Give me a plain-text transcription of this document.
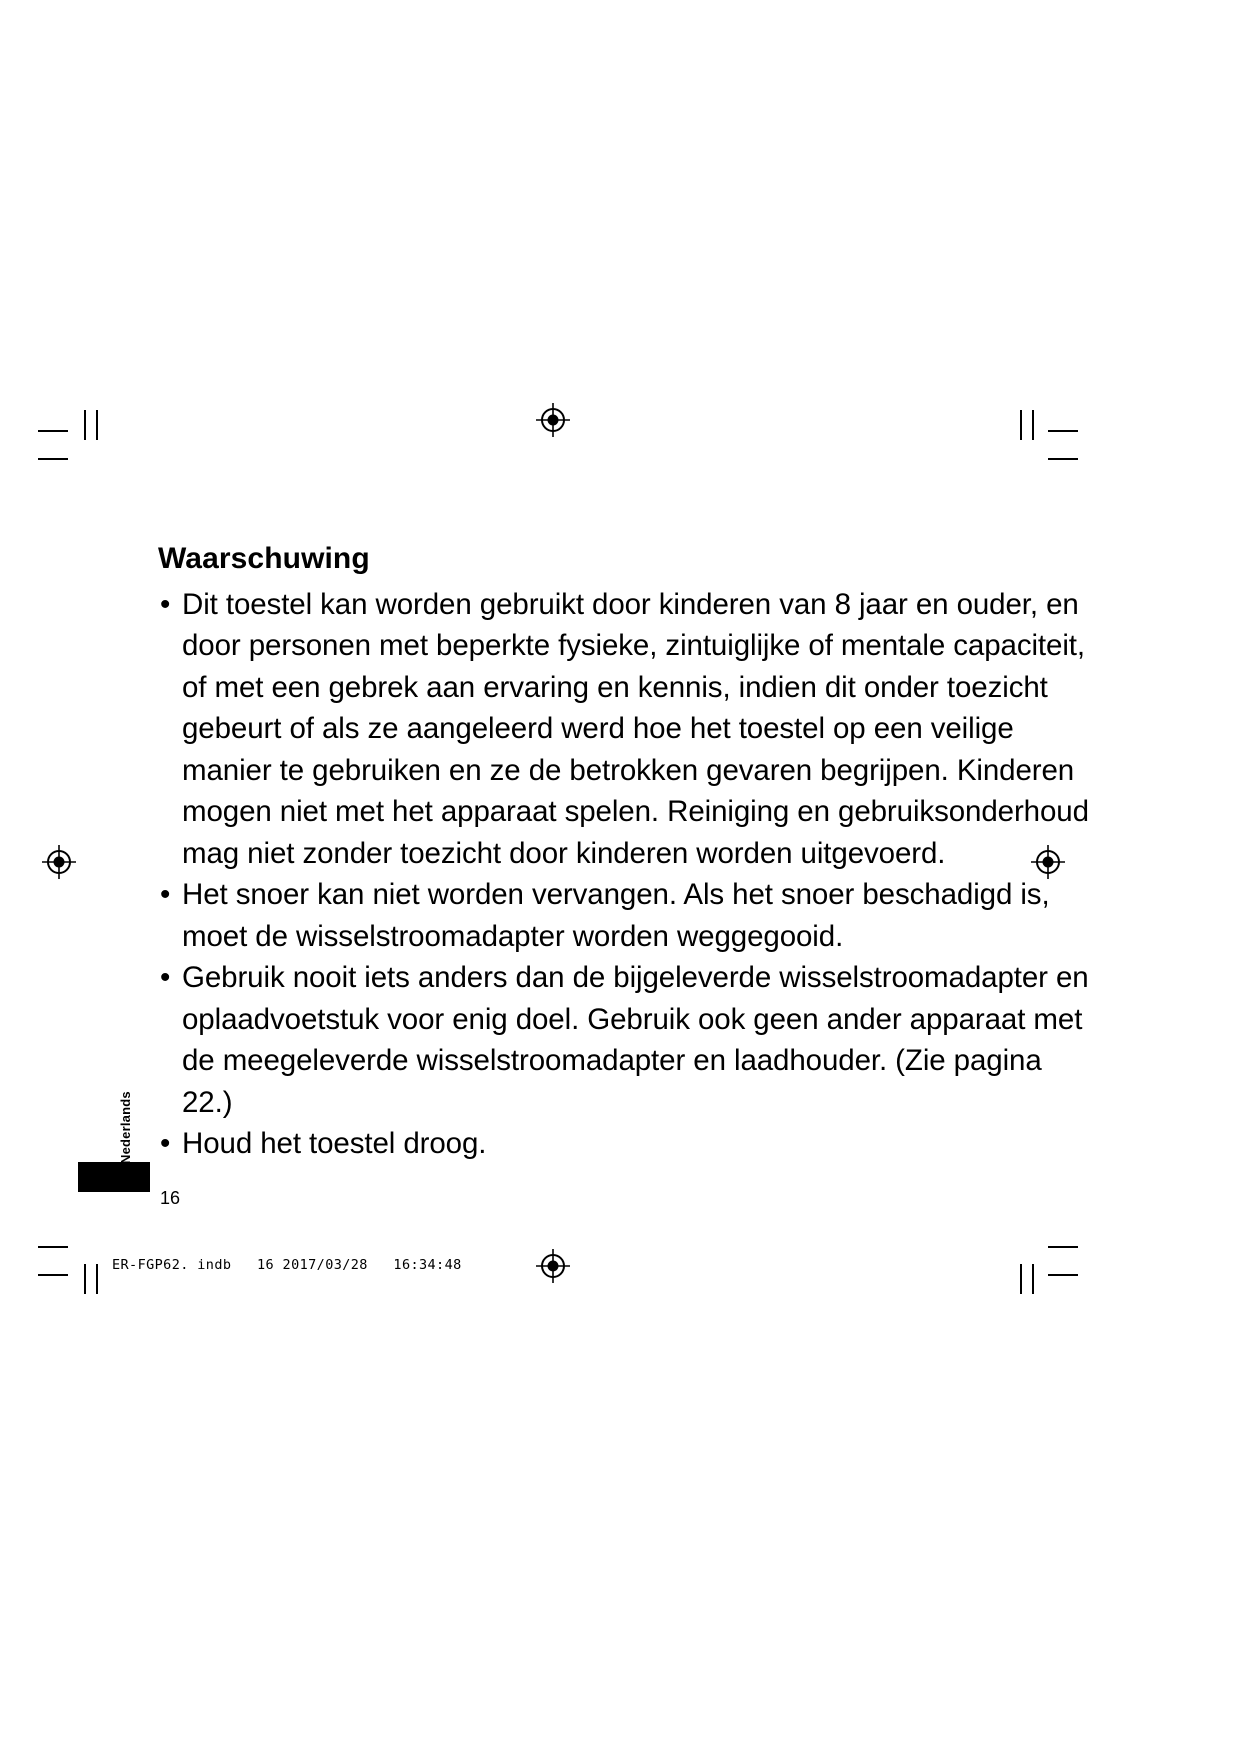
Waarschuwing
• Dit toestel kan worden gebruikt door kinderen van 8 jaar en ouder, en door personen met beperkte fysieke, zintuiglijke of mentale capaciteit, of met een gebrek aan ervaring en kennis, indien dit onder toezicht gebeurt of als ze aangeleerd werd hoe het toestel op een veilige manier te gebruiken en ze de betrokken gevaren begrijpen. Kinderen mogen niet met het apparaat spelen. Reiniging en gebruiksonderhoud mag niet zonder toezicht door kinderen worden uitgevoerd.
• Het snoer kan niet worden vervangen. Als het snoer beschadigd is, moet de wisselstroomadapter worden weggegooid.
• Gebruik nooit iets anders dan de bijgeleverde wisselstroomadapter en oplaadvoetstuk voor enig doel. Gebruik ook geen ander apparaat met de meegeleverde wisselstroomadapter en laadhouder. (Zie pagina 22.)
• Houd het toestel droog.
Nederlands
16
ER-FGP62. indb   16 2017/03/28   16:34:48
